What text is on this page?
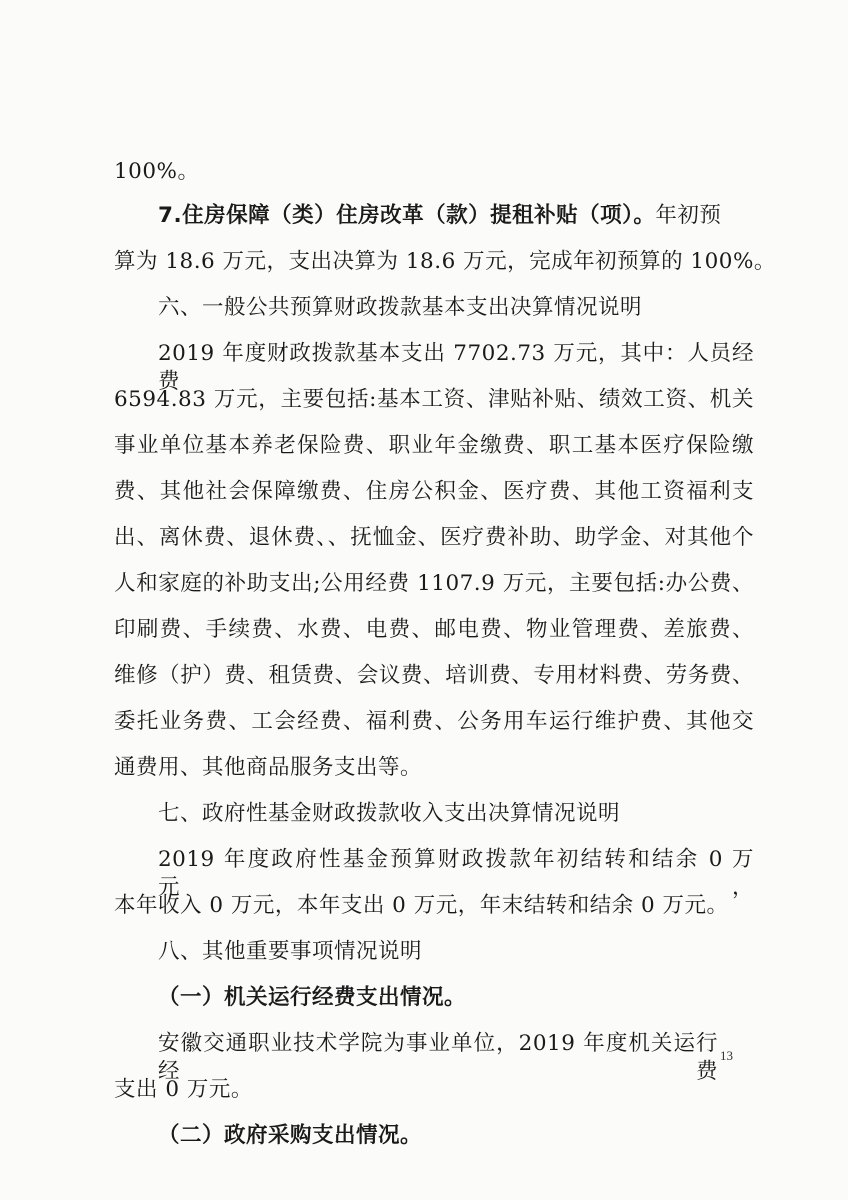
100%。
7.住房保障（类）住房改革（款）提租补贴（项）。年初预
算为 18.6 万元，支出决算为 18.6 万元，完成年初预算的 100%。
六、一般公共预算财政拨款基本支出决算情况说明
2019 年度财政拨款基本支出 7702.73 万元，其中：人员经费
6594.83 万元，主要包括:基本工资、津贴补贴、绩效工资、机关
事业单位基本养老保险费、职业年金缴费、职工基本医疗保险缴
费、其他社会保障缴费、住房公积金、医疗费、其他工资福利支
出、离休费、退休费、、抚恤金、医疗费补助、助学金、对其他个
人和家庭的补助支出;公用经费 1107.9 万元，主要包括:办公费、
印刷费、手续费、水费、电费、邮电费、物业管理费、差旅费、
维修（护）费、租赁费、会议费、培训费、专用材料费、劳务费、
委托业务费、工会经费、福利费、公务用车运行维护费、其他交
通费用、其他商品服务支出等。
七、政府性基金财政拨款收入支出决算情况说明
2019 年度政府性基金预算财政拨款年初结转和结余 0 万元，
本年收入 0 万元，本年支出 0 万元，年末结转和结余 0 万元。
八、其他重要事项情况说明
（一）机关运行经费支出情况。
安徽交通职业技术学院为事业单位，2019 年度机关运行经费
支出 0 万元。
（二）政府采购支出情况。
13
